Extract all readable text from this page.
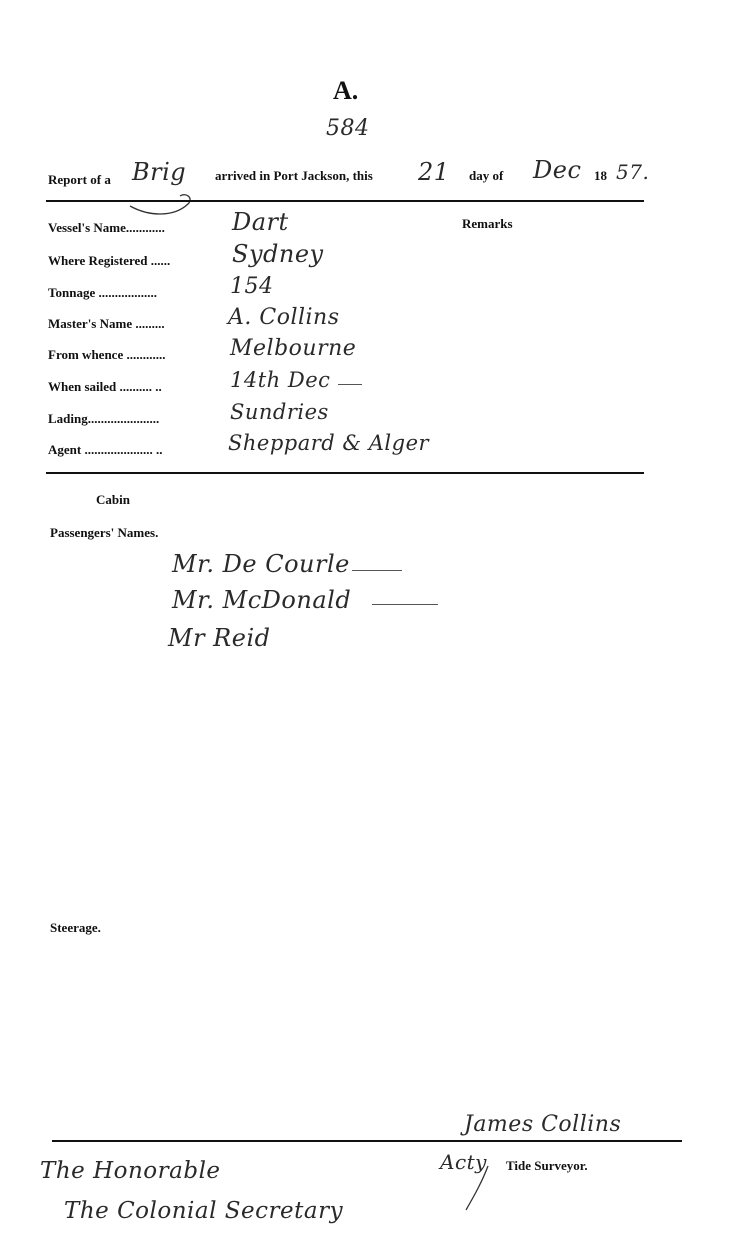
A.
584
Report of a Brig arrived in Port Jackson, this 21 day of Dec 18 57.
Remarks
Vessel's Name............	Dart
Where Registered ......	Sydney
Tonnage ..................	154
Master's Name .........	A. Collins
From whence ............	Melbourne
When sailed .......... ..	14th Dec
Lading......................	Sundries
Agent ..................... ..	Sheppard & Alger
Cabin
Passengers' Names.
Mr. De Courle
Mr. McDonald
Mr Reid
Steerage.
James Collins
Acty Tide Surveyor.
The Honorable
The Colonial Secretary
